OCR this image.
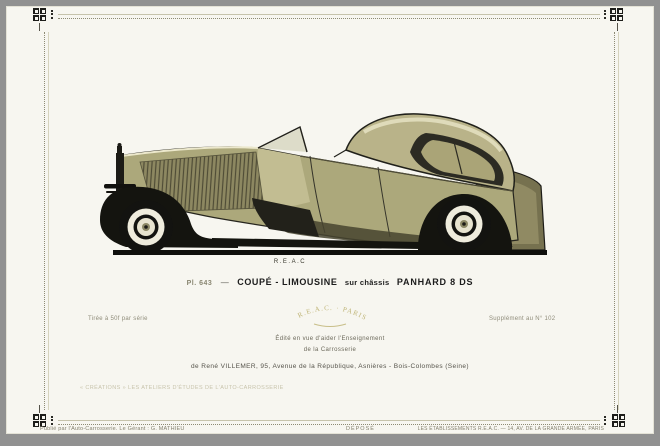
R.E.A.C
Pl. 643 — COUPÉ - LIMOUSINE sur châssis PANHARD 8 DS
Tirée à 50f par série	Supplément au N° 102
R.E.A.C. · PARIS
Édité en vue d'aider l'Enseignement
de la Carrosserie
de René VILLEMER, 95, Avenue de la République, Asnières - Bois-Colombes (Seine)
« CRÉATIONS » LES ATELIERS D'ÉTUDES DE L'AUTO-CARROSSERIE
Publié par l'Auto-Carrosserie. Le Gérant : G. MATHIEU	DÉPOSÉ	LES ÉTABLISSEMENTS R.E.A.C. — 14, AV. DE LA GRANDE ARMÉE, PARIS
